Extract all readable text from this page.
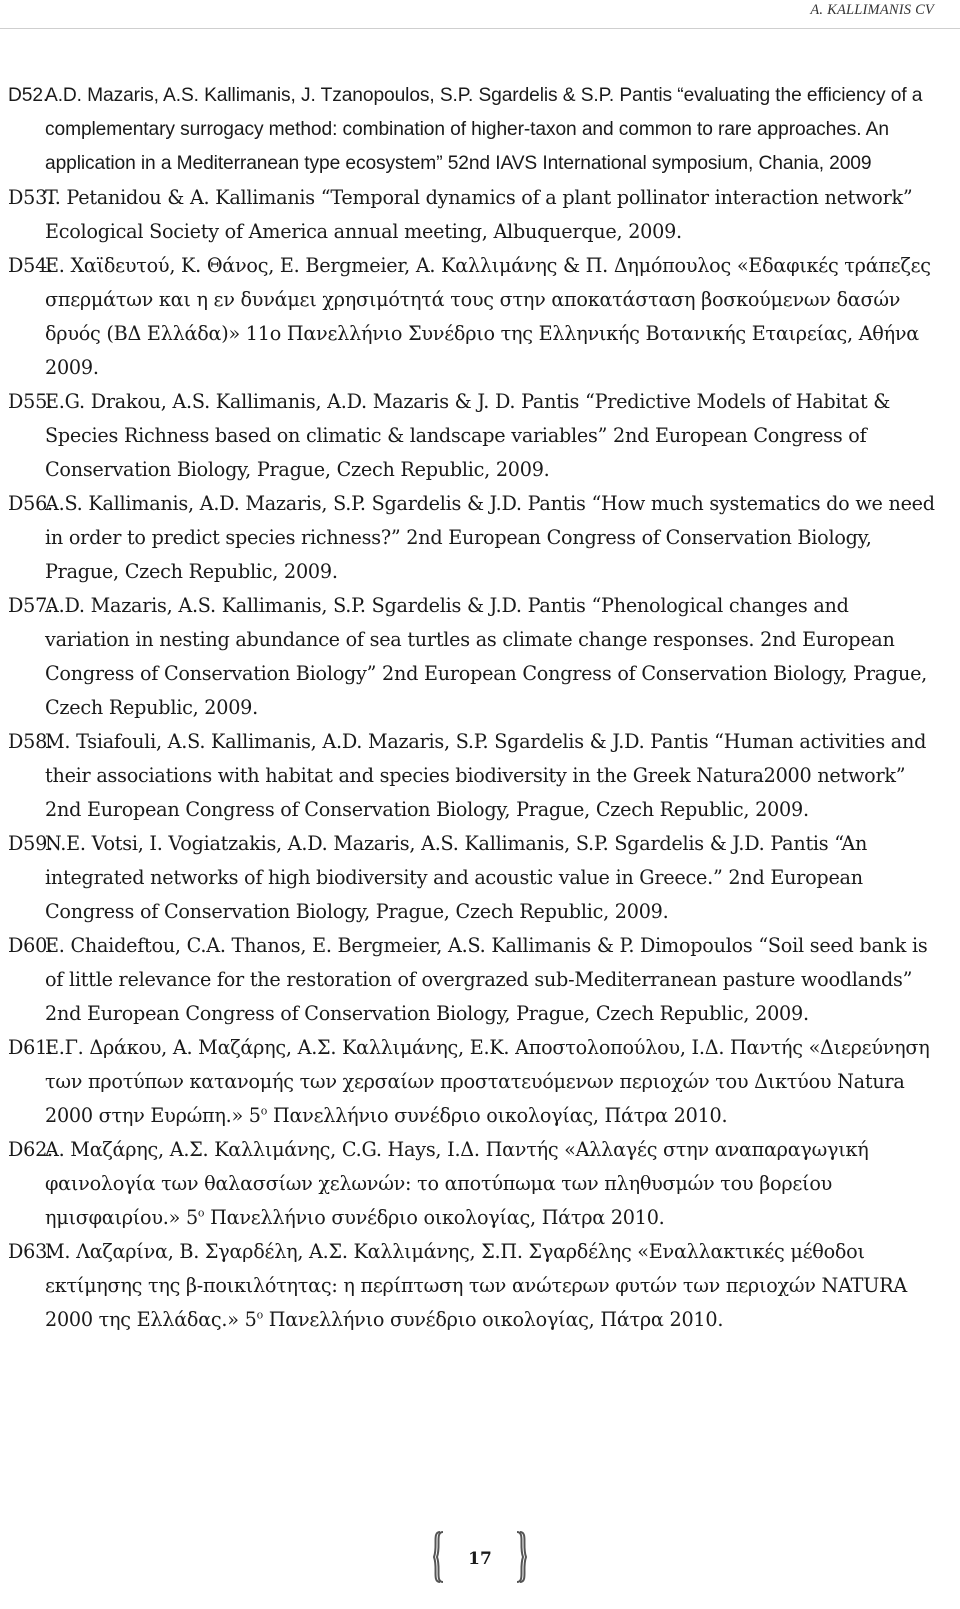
A. KALLIMANIS CV
D52.
A.D. Mazaris, A.S. Kallimanis, J. Tzanopoulos, S.P. Sgardelis & S.P. Pantis “evaluating the efficiency of a complementary surrogacy method: combination of higher-taxon and common to rare approaches. An application in a Mediterranean type ecosystem” 52nd IAVS International symposium, Chania, 2009
D53.
T. Petanidou & A. Kallimanis “Temporal dynamics of a plant pollinator interaction network” Ecological Society of America annual meeting, Albuquerque, 2009.
D54.
E. Χαϊδευτού, Κ. Θάνος, E. Bergmeier, A. Καλλιμάνης & Π. Δημόπουλος «Εδαφικές τράπεζες σπερμάτων και η εν δυνάμει χρησιμότητά τους στην αποκατάσταση βοσκούμενων δασών δρυός (ΒΔ Ελλάδα)» 11ο Πανελλήνιο Συνέδριο της Ελληνικής Βοτανικής Εταιρείας, Αθήνα 2009.
D55.
E.G. Drakou, A.S. Kallimanis, A.D. Mazaris & J. D. Pantis “Predictive Models of Habitat & Species Richness based on climatic & landscape variables” 2nd European Congress of Conservation Biology, Prague, Czech Republic, 2009.
D56.
A.S. Kallimanis, A.D. Mazaris, S.P. Sgardelis & J.D. Pantis “How much systematics do we need in order to predict species richness?” 2nd European Congress of Conservation Biology, Prague, Czech Republic, 2009.
D57.
A.D. Mazaris, A.S. Kallimanis, S.P. Sgardelis & J.D. Pantis “Phenological changes and variation in nesting abundance of sea turtles as climate change responses. 2nd European Congress of Conservation Biology” 2nd European Congress of Conservation Biology, Prague, Czech Republic, 2009.
D58.
M. Tsiafouli, A.S. Kallimanis, A.D. Mazaris, S.P. Sgardelis & J.D. Pantis “Human activities and their associations with habitat and species biodiversity in the Greek Natura2000 network” 2nd European Congress of Conservation Biology, Prague, Czech Republic, 2009.
D59.
N.E. Votsi, I. Vogiatzakis, A.D. Mazaris, A.S. Kallimanis, S.P. Sgardelis & J.D. Pantis “An integrated networks of high biodiversity and acoustic value in Greece.” 2nd European Congress of Conservation Biology, Prague, Czech Republic, 2009.
D60.
E. Chaideftou, C.A. Thanos, E. Bergmeier, A.S. Kallimanis & P. Dimopoulos “Soil seed bank is of little relevance for the restoration of overgrazed sub-Mediterranean pasture woodlands” 2nd European Congress of Conservation Biology, Prague, Czech Republic, 2009.
D61.
E.Γ. Δράκου, A. Μαζάρης, A.Σ. Καλλιμάνης, E.K. Αποστολοπούλου, I.Δ. Παντής «Διερεύνηση των προτύπων κατανομής των χερσαίων προστατευόμενων περιοχών του Δικτύου Natura 2000 στην Ευρώπη.» $5^o$ Πανελλήνιο συνέδριο οικολογίας, Πάτρα 2010.
D62.
A. Μαζάρης, A.Σ. Καλλιμάνης, C.G. Hays, I.Δ. Παντής «Αλλαγές στην αναπαραγωγική φαινολογία των θαλασσίων χελωνών: το αποτύπωμα των πληθυσμών του βορείου ημισφαιρίου.» $5^o$ Πανελλήνιο συνέδριο οικολογίας, Πάτρα 2010.
D63.
M. Λαζαρίνα, B. Σγαρδέλη, A.Σ. Καλλιμάνης, Σ.Π. Σγαρδέλης «Εναλλακτικές μέθοδοι εκτίμησης της β-ποικιλότητας: η περίπτωση των ανώτερων φυτών των περιοχών NATURA 2000 της Ελλάδας.» $5^o$ Πανελλήνιο συνέδριο οικολογίας, Πάτρα 2010.
17
